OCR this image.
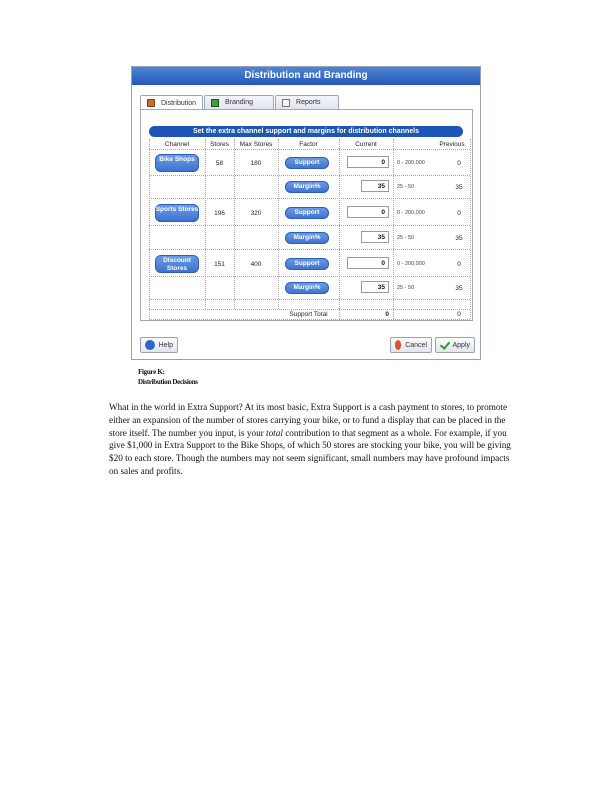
Distribution and Branding
Distribution	Branding	Reports
Set the extra channel support and margins for distribution channels
Channel	Stores	Max Stores	Factor	Current	Previous
Bike Shops
58	180	Support	0	0 - 200,000	0
Margin%	35	25 - 50	35
Sports Stores
196	320	Support	0	0 - 200,000	0
Margin%	35	25 - 50	35
Discount Stores
151	400	Support	0	0 - 200,000	0
Margin%	35	25 - 50	35
Support Total	0	0
Help	Cancel	Apply
Figure K:
Distribution Decisions

What in the world in Extra Support? At its most basic, Extra Support is a cash payment to stores, to promote either an expansion of the number of stores carrying your bike, or to fund a display that can be placed in the store itself. The number you input, is your total contribution to that segment as a whole. For example, if you give $1,000 in Extra Support to the Bike Shops, of which 50 stores are stocking your bike, you will be giving $20 to each store. Though the numbers may not seem significant, small numbers may have profound impacts on sales and profits.
